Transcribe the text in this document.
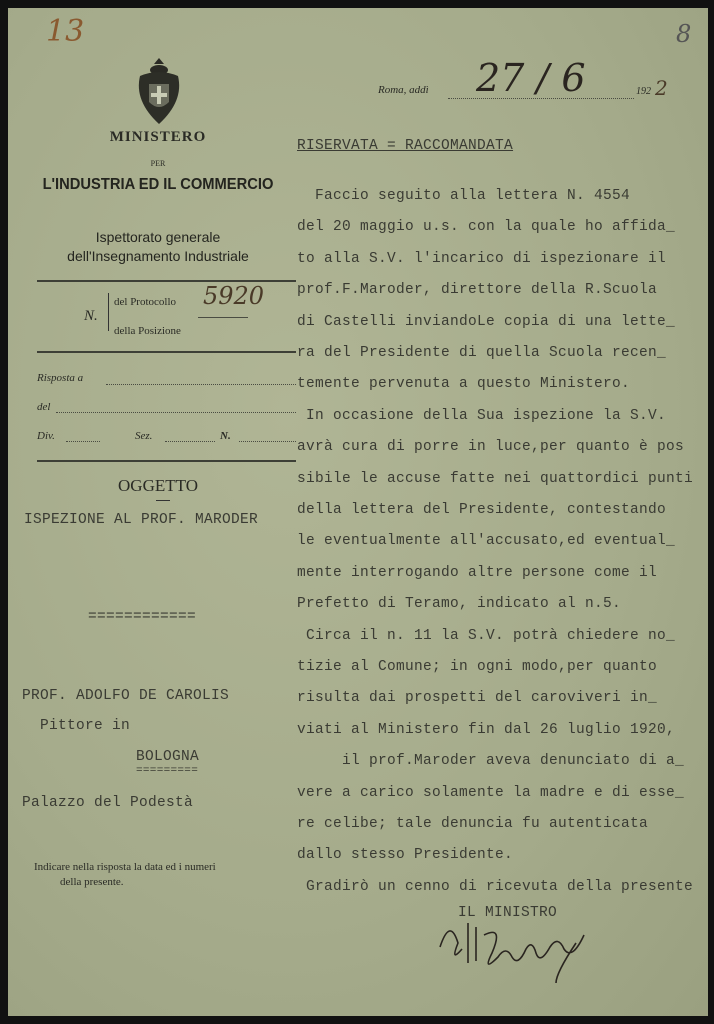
13	8
MINISTERO
PER
L'INDUSTRIA ED IL COMMERCIO
Ispettorato generale
dell'Insegnamento Industriale
N.
del Protocollo 5920
della Posizione
Risposta a
del
Div.	Sez.	N.
OGGETTO
ISPEZIONE AL PROF. MARODER
============
PROF. ADOLFO DE CAROLIS
Pittore in
BOLOGNA
=========
Palazzo del Podestà
Indicare nella risposta la data ed i numeri
della presente.
Roma, addì 27 / 6	192 2
RISERVATA = RACCOMANDATA
Faccio seguito alla lettera N. 4554
del 20 maggio u.s. con la quale ho affida_
to alla S.V. l'incarico di ispezionare il
prof.F.Maroder, direttore della R.Scuola
di Castelli inviandoLe copia di una lette_
ra del Presidente di quella Scuola recen_
temente pervenuta a questo Ministero.
In occasione della Sua ispezione la S.V.
avrà cura di porre in luce,per quanto è pos
sibile le accuse fatte nei quattordici punti
della lettera del Presidente, contestando
le eventualmente all'accusato,ed eventual_
mente interrogando altre persone come il
Prefetto di Teramo, indicato al n.5.
Circa il n. 11 la S.V. potrà chiedere no_
tizie al Comune; in ogni modo,per quanto
risulta dai prospetti del caroviveri in_
viati al Ministero fin dal 26 luglio 1920,
il prof.Maroder aveva denunciato di a_
vere a carico solamente la madre e di esse_
re celibe; tale denuncia fu autenticata
dallo stesso Presidente.
Gradirò un cenno di ricevuta della presente
IL MINISTRO
